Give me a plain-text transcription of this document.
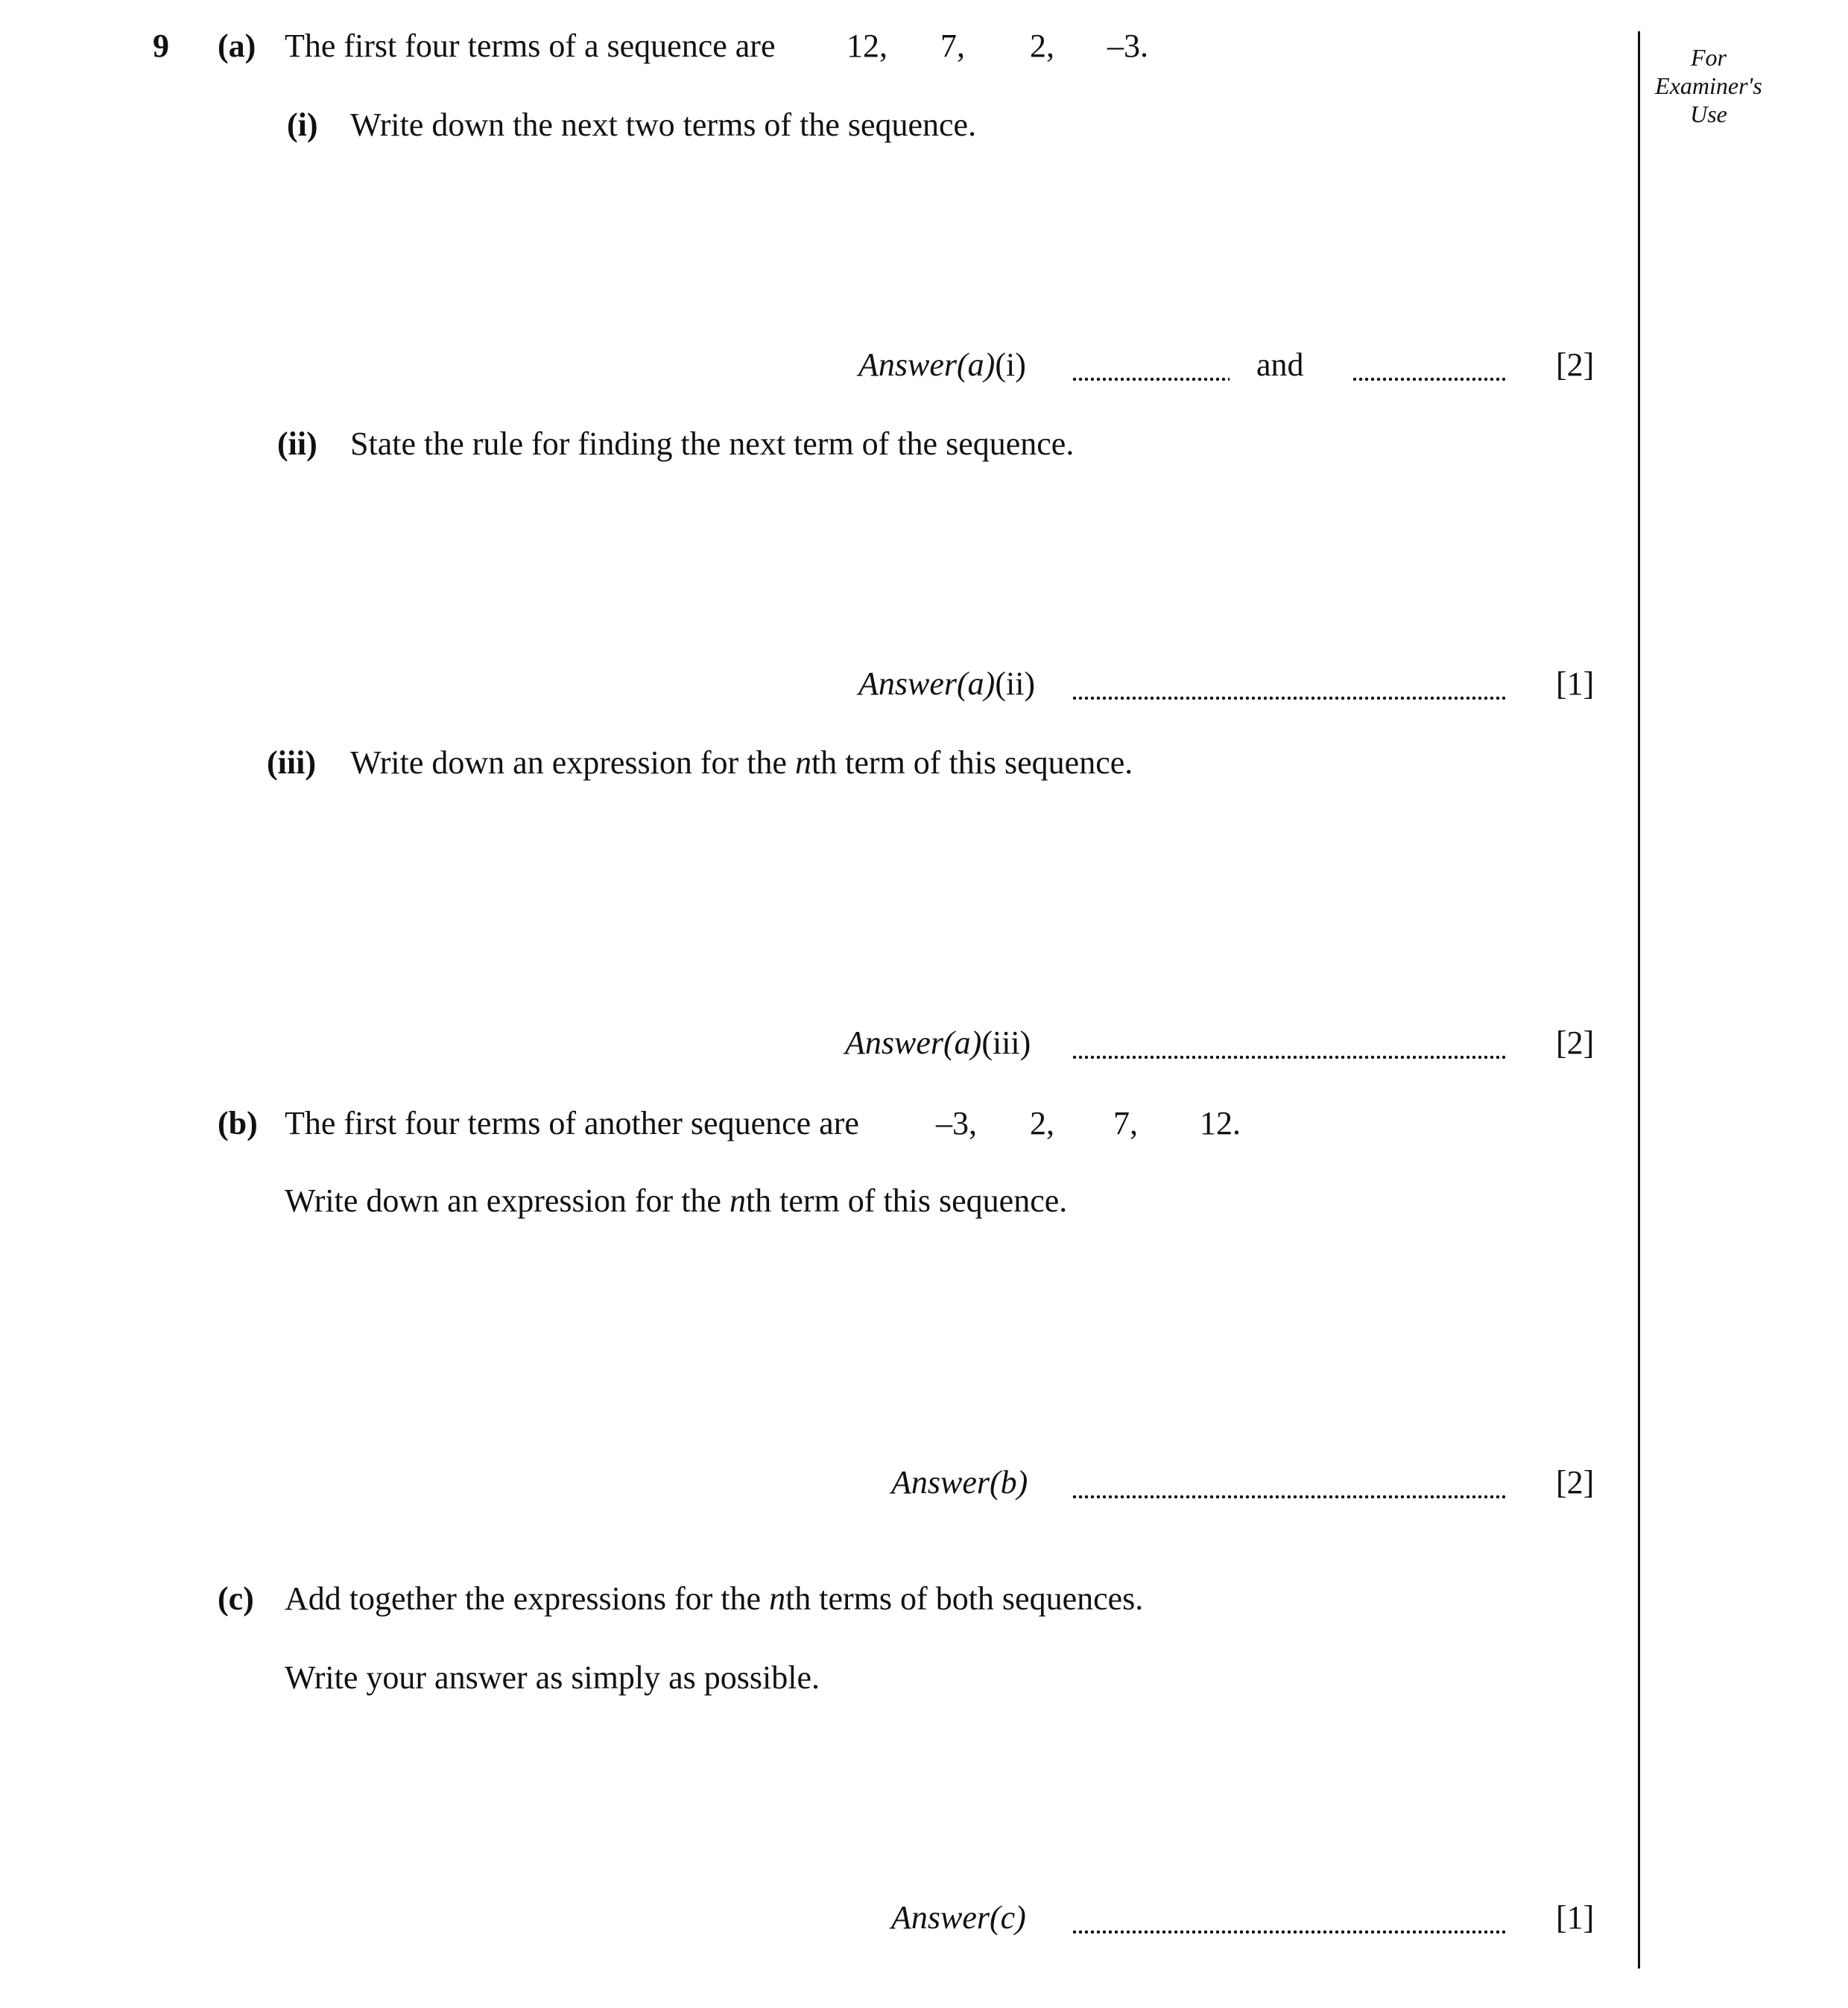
For
Examiner's
Use
9 (a) The first four terms of a sequence are 12, 7, 2, –3.
(i) Write down the next two terms of the sequence.
Answer(a)(i)	and	[2]
(ii) State the rule for finding the next term of the sequence.
Answer(a)(ii)	[1]
(iii) Write down an expression for the nth term of this sequence.
Answer(a)(iii)	[2]
(b) The first four terms of another sequence are –3, 2, 7, 12.
Write down an expression for the nth term of this sequence.
Answer(b)	[2]
(c) Add together the expressions for the nth terms of both sequences.
Write your answer as simply as possible.
Answer(c)	[1]
